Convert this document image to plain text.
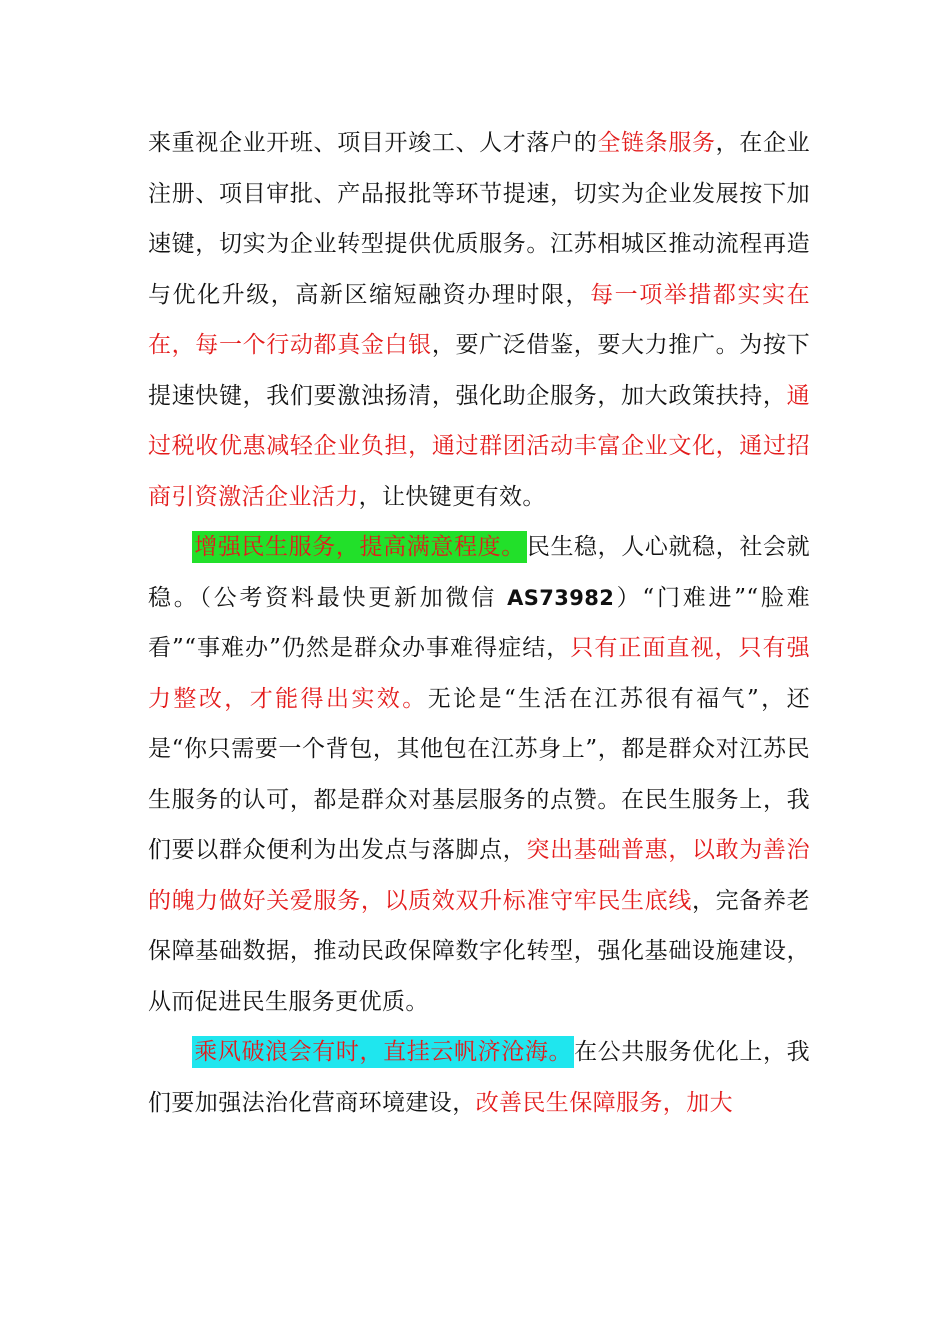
来重视企业开班、项目开竣工、人才落户的全链条服务，在企业注册、项目审批、产品报批等环节提速，切实为企业发展按下加速键，切实为企业转型提供优质服务。江苏相城区推动流程再造与优化升级，高新区缩短融资办理时限，每一项举措都实实在在，每一个行动都真金白银，要广泛借鉴，要大力推广。为按下提速快键，我们要激浊扬清，强化助企服务，加大政策扶持，通过税收优惠减轻企业负担，通过群团活动丰富企业文化，通过招商引资激活企业活力，让快键更有效。

增强民生服务，提高满意程度。民生稳，人心就稳，社会就稳。（公考资料最快更新加微信 AS73982）“门难进”“脸难看”“事难办”仍然是群众办事难得症结，只有正面直视，只有强力整改，才能得出实效。无论是“生活在江苏很有福气”，还是“你只需要一个背包，其他包在江苏身上”，都是群众对江苏民生服务的认可，都是群众对基层服务的点赞。在民生服务上，我们要以群众便利为出发点与落脚点，突出基础普惠，以敢为善治的魄力做好关爱服务，以质效双升标准守牢民生底线，完备养老保障基础数据，推动民政保障数字化转型，强化基础设施建设，从而促进民生服务更优质。

乘风破浪会有时，直挂云帆济沧海。在公共服务优化上，我们要加强法治化营商环境建设，改善民生保障服务，加大
